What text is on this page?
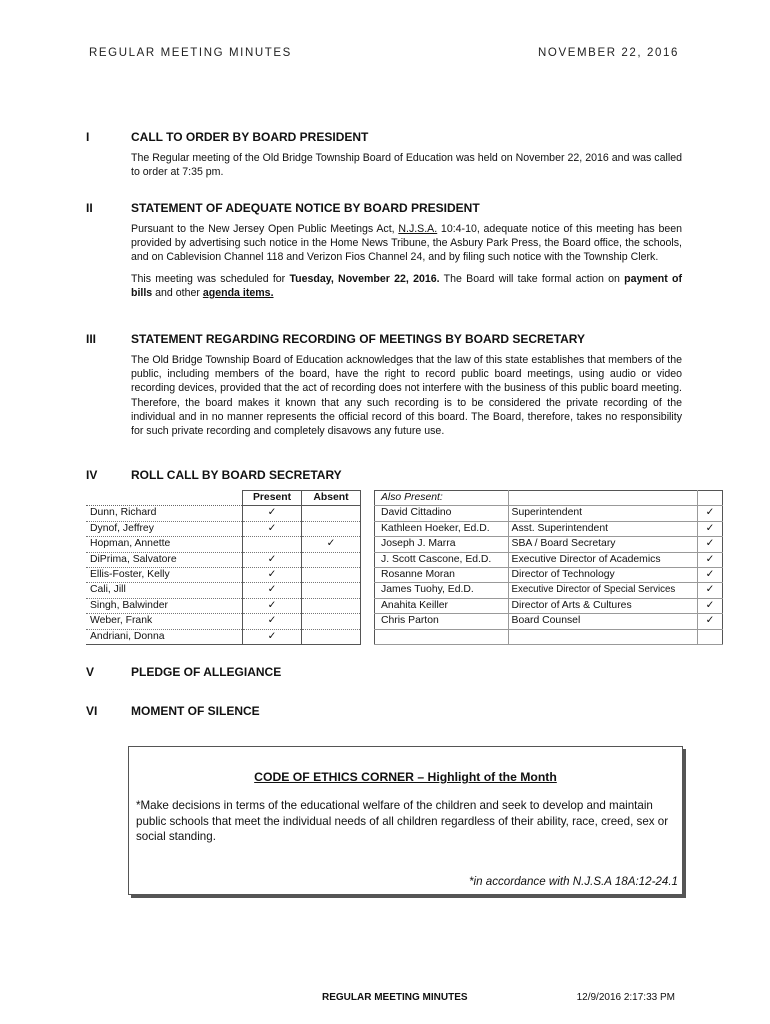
REGULAR MEETING MINUTES	NOVEMBER 22, 2016
I	CALL TO ORDER BY BOARD PRESIDENT
The Regular meeting of the Old Bridge Township Board of Education was held on November 22, 2016 and was called to order at 7:35 pm.
II	STATEMENT OF ADEQUATE NOTICE BY BOARD PRESIDENT
Pursuant to the New Jersey Open Public Meetings Act, N.J.S.A. 10:4-10, adequate notice of this meeting has been provided by advertising such notice in the Home News Tribune, the Asbury Park Press, the Board office, the schools, and on Cablevision Channel 118 and Verizon Fios Channel 24, and by filing such notice with the Township Clerk.
This meeting was scheduled for Tuesday, November 22, 2016. The Board will take formal action on payment of bills and other agenda items.
III	STATEMENT REGARDING RECORDING OF MEETINGS BY BOARD SECRETARY
The Old Bridge Township Board of Education acknowledges that the law of this state establishes that members of the public, including members of the board, have the right to record public board meetings, using audio or video recording devices, provided that the act of recording does not interfere with the business of this public board meeting. Therefore, the board makes it known that any such recording is to be considered the private recording of the individual and in no manner represents the official record of this board. The Board, therefore, takes no responsibility for such private recording and completely disavows any future use.
IV	ROLL CALL BY BOARD SECRETARY
	Present	Absent
Dunn, Richard	✓	
Dynof, Jeffrey	✓	
Hopman, Annette		✓
DiPrima, Salvatore	✓	
Ellis-Foster, Kelly	✓	
Cali, Jill	✓	
Singh, Balwinder	✓	
Weber, Frank	✓	
Andriani, Donna	✓	
Also Present:		
David Cittadino	Superintendent	✓
Kathleen Hoeker, Ed.D.	Asst. Superintendent	✓
Joseph J. Marra	SBA / Board Secretary	✓
J. Scott Cascone, Ed.D.	Executive Director of Academics	✓
Rosanne Moran	Director of Technology	✓
James Tuohy, Ed.D.	Executive Director of Special Services	✓
Anahita Keiller	Director of Arts & Cultures	✓
Chris Parton	Board Counsel	✓

V	PLEDGE OF ALLEGIANCE
VI	MOMENT OF SILENCE
CODE OF ETHICS CORNER – Highlight of the Month
*Make decisions in terms of the educational welfare of the children and seek to develop and maintain public schools that meet the individual needs of all children regardless of their ability, race, creed, sex or social standing.
*in accordance with N.J.S.A 18A:12-24.1
REGULAR MEETING MINUTES	12/9/2016 2:17:33 PM
